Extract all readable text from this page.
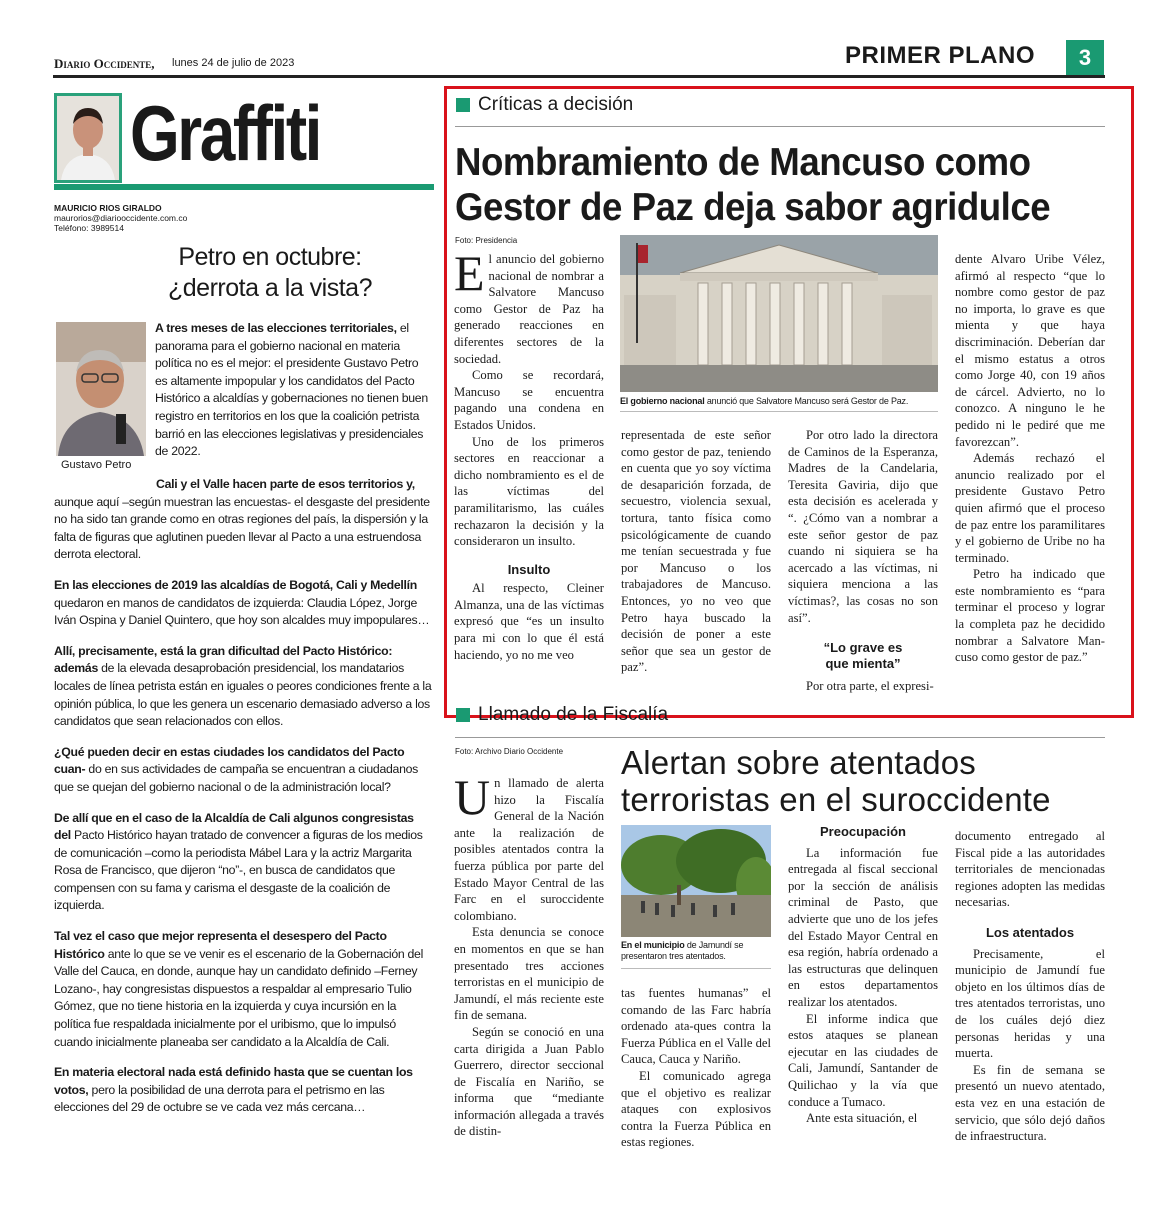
Diario Occidente, lunes 24 de julio de 2023	PRIMER PLANO	3
Graffiti
MAURICIO RIOS GIRALDO
maurorios@diariooccidente.com.co
Teléfono: 3989514
Petro en octubre:
¿derrota a la vista?
Gustavo Petro
A tres meses de las elecciones territoriales, el panorama para el gobierno nacional en materia política no es el mejor: el presidente Gustavo Petro es altamente impopular y los candidatos del Pacto Histórico a alcaldías y gobernaciones no tienen buen registro en territorios en los que la coalición petrista barrió en las elecciones legislativas y presidenciales de 2022.

Cali y el Valle hacen parte de esos territorios y, aunque aquí –según muestran las encuestas- el desgaste del presidente no ha sido tan grande como en otras regiones del país, la dispersión y la falta de figuras que aglutinen pueden llevar al Pacto a una estruendosa derrota electoral.

En las elecciones de 2019 las alcaldías de Bogotá, Cali y Medellín quedaron en manos de candidatos de izquierda: Claudia López, Jorge Iván Ospina y Daniel Quintero, que hoy son alcaldes muy impopulares…

Allí, precisamente, está la gran dificultad del Pacto Histórico: además de la elevada desaprobación presidencial, los mandatarios locales de línea petrista están en iguales o peores condiciones frente a la opinión pública, lo que les genera un escenario demasiado adverso a los candidatos que sean relacionados con ellos.

¿Qué pueden decir en estas ciudades los candidatos del Pacto cuan- do en sus actividades de campaña se encuentran a ciudadanos que se quejan del gobierno nacional o de la administración local?

De allí que en el caso de la Alcaldía de Cali algunos congresistas del Pacto Histórico hayan tratado de convencer a figuras de los medios de comunicación –como la periodista Mábel Lara y la actriz Margarita Rosa de Francisco, que dijeron “no”-, en busca de candidatos que compensen con su fama y carisma el desgaste de la coalición de izquierda.

Tal vez el caso que mejor representa el desespero del Pacto Histórico ante lo que se ve venir es el escenario de la Gobernación del Valle del Cauca, en donde, aunque hay un candidato definido –Ferney Lozano-, hay congresistas dispuestos a respaldar al empresario Tulio Gómez, que no tiene historia en la izquierda y cuya incursión en la política fue respaldada inicialmente por el uribismo, que lo impulsó cuando inicialmente planeaba ser candidato a la Alcaldía de Cali.

En materia electoral nada está definido hasta que se cuentan los votos, pero la posibilidad de una derrota para el petrismo en las elecciones del 29 de octubre se ve cada vez más cercana…

Críticas a decisión
Nombramiento de Mancuso como
Gestor de Paz deja sabor agridulce
Foto: Presidencia
El gobierno nacional anunció que Salvatore Mancuso será Gestor de Paz.

El anuncio del gobierno nacional de nombrar a Salvatore Mancuso como Gestor de Paz ha generado reacciones en diferentes sectores de la sociedad.

Como se recordará, Mancuso se encuentra pagando una condena en Estados Unidos.

Uno de los primeros sectores en reaccionar a dicho nombramiento es el de las víctimas del paramilitarismo, las cuáles rechazaron la decisión y la consideraron un insulto.

Insulto

Al respecto, Cleiner Almanza, una de las víctimas expresó que “es un insulto para mi con lo que él está haciendo, yo no me veo

representada de este señor como gestor de paz, teniendo en cuenta que yo soy víctima de desaparición forzada, de secuestro, violencia sexual, tortura, tanto física como psicológicamente de cuando me tenían secuestrada y fue por Mancuso o los trabajadores de Mancuso. Entonces, yo no veo que Petro haya buscado la decisión de poner a este señor que sea un gestor de paz”.

Por otro lado la directora de Caminos de la Esperanza, Madres de la Candelaria, Teresita Gaviria, dijo que esta decisión es acelerada y “. ¿Cómo van a nombrar a este señor gestor de paz cuando ni siquiera se ha acercado a las víctimas, ni siquiera menciona a las víctimas?, las cosas no son así”.

“Lo grave es
que mienta”

Por otra parte, el expresi-

dente Alvaro Uribe Vélez, afirmó al respecto “que lo nombre como gestor de paz no importa, lo grave es que mienta y que haya discriminación. Deberían dar el mismo estatus a otros como Jorge 40, con 19 años de cárcel. Advierto, no lo conozco. A ninguno le he pedido ni le pediré que me favorezcan”.

Además rechazó el anuncio realizado por el presidente Gustavo Petro quien afirmó que el proceso de paz entre los paramilitares y el gobierno de Uribe no ha terminado.

Petro ha indicado que este nombramiento es “para terminar el proceso y lograr la completa paz he decidido nombrar a Salvatore Man-cuso como gestor de paz.”

Llamado de la Fiscalía
Foto: Archivo Diario Occidente Alertan sobre atentados
terroristas en el suroccidente
En el municipio de Jamundí se presentaron tres atentados.

Un llamado de alerta hizo la Fiscalía General de la Nación ante la realización de posibles atentados contra la fuerza pública por parte del Estado Mayor Central de las Farc en el suroccidente colombiano.

Esta denuncia se conoce en momentos en que se han presentado tres acciones terroristas en el municipio de Jamundí, el más reciente este fin de semana.

Según se conoció en una carta dirigida a Juan Pablo Guerrero, director seccional de Fiscalía en Nariño, se informa que “mediante información allegada a través de distin-

tas fuentes humanas” el comando de las Farc habría ordenado ata-ques contra la Fuerza Pública en el Valle del Cauca, Cauca y Nariño.

El comunicado agrega que el objetivo es realizar ataques con explosivos contra la Fuerza Pública en estas regiones.

Preocupación

La información fue entregada al fiscal seccional por la sección de análisis criminal de Pasto, que advierte que uno de los jefes del Estado Mayor Central en esa región, habría ordenado a las estructuras que delinquen en estos departamentos realizar los atentados.

El informe indica que estos ataques se planean ejecutar en las ciudades de Cali, Jamundí, Santander de Quilichao y la vía que conduce a Tumaco.

Ante esta situación, el

documento entregado al Fiscal pide a las autoridades territoriales de mencionadas regiones adopten las medidas necesarias.

Los atentados

Precisamente, el municipio de Jamundí fue objeto en los últimos días de tres atentados terroristas, uno de los cuáles dejó diez personas heridas y una muerta.

Es fin de semana se presentó un nuevo atentado, esta vez en una estación de servicio, que sólo dejó daños de infraestructura.
